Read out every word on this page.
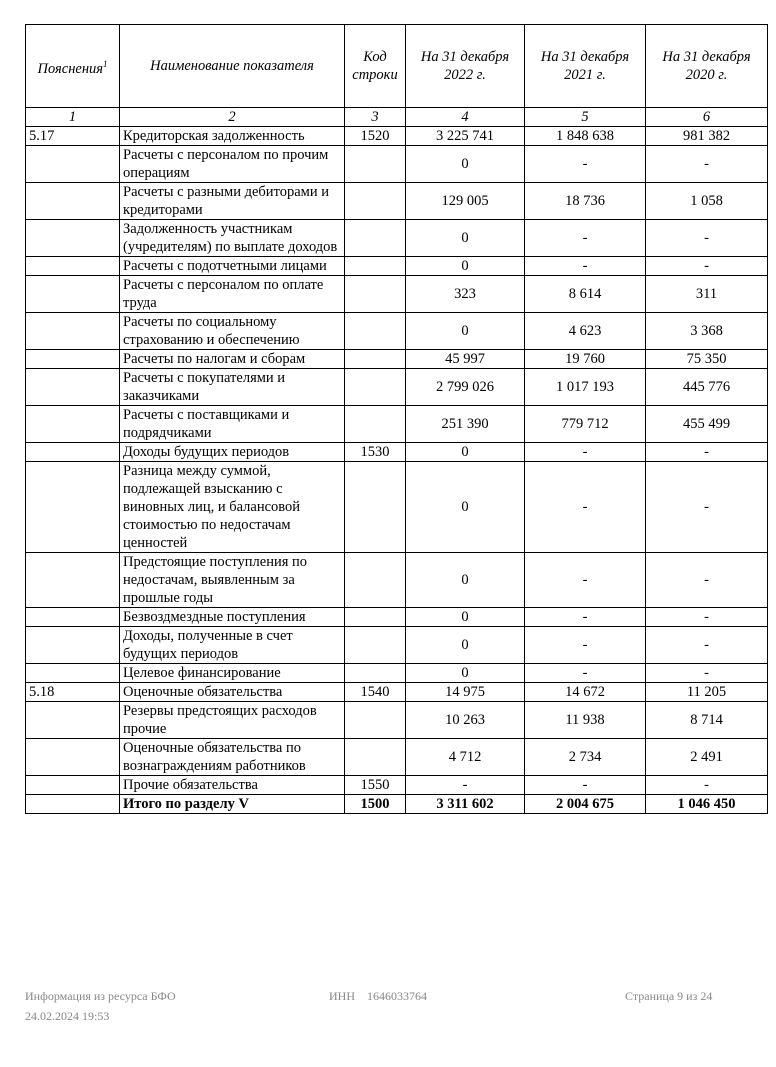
Пояснения$^1$	Наименование показателя	Код строки	На 31 декабря 2022 г.	На 31 декабря 2021 г.	На 31 декабря 2020 г.
1	2	3	4	5	6
5.17	Кредиторская задолженность	1520	3 225 741	1 848 638	981 382
	Расчеты с персоналом по прочим операциям		0	-	-
	Расчеты с разными дебиторами и кредиторами		129 005	18 736	1 058
	Задолженность участникам (учредителям) по выплате доходов		0	-	-
	Расчеты с подотчетными лицами		0	-	-
	Расчеты с персоналом по оплате труда		323	8 614	311
	Расчеты по социальному страхованию и обеспечению		0	4 623	3 368
	Расчеты по налогам и сборам		45 997	19 760	75 350
	Расчеты с покупателями и заказчиками		2 799 026	1 017 193	445 776
	Расчеты с поставщиками и подрядчиками		251 390	779 712	455 499
	Доходы будущих периодов	1530	0	-	-
	Разница между суммой, подлежащей взысканию с виновных лиц, и балансовой стоимостью по недостачам ценностей		0	-	-
	Предстоящие поступления по недостачам, выявленным за прошлые годы		0	-	-
	Безвоздмездные поступления		0	-	-
	Доходы, полученные в счет будущих периодов		0	-	-
	Целевое финансирование		0	-	-
5.18	Оценочные обязательства	1540	14 975	14 672	11 205
	Резервы предстоящих расходов прочие		10 263	11 938	8 714
	Оценочные обязательства по вознаграждениям работников		4 712	2 734	2 491
	Прочие обязательства	1550	-	-	-
	Итого по разделу V	1500	3 311 602	2 004 675	1 046 450
Информация из ресурса БФО
24.02.2024 19:53
ИНН    1646033764	Страница 9 из 24
